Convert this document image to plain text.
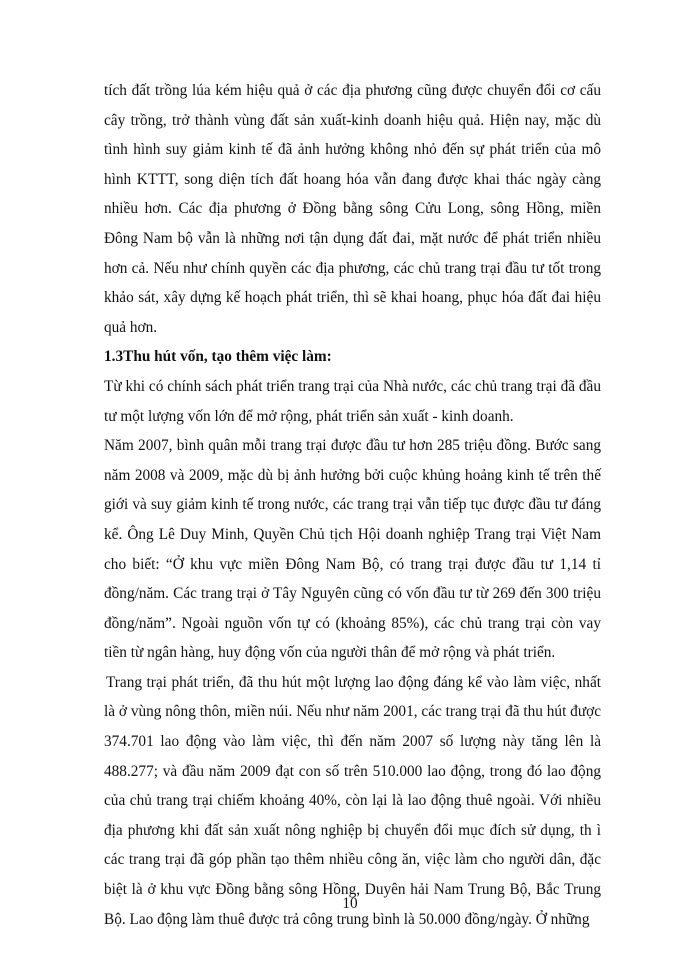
tích đất trồng lúa kém hiệu quả ở các địa phương cũng được chuyển đổi cơ cấu cây trồng, trở thành vùng đất sản xuất-kinh doanh hiệu quả. Hiện nay, mặc dù tình hình suy giảm kinh tế đã ảnh hưởng không nhỏ đến sự phát triển của mô hình KTTT, song diện tích đất hoang hóa vẫn đang được khai thác ngày càng nhiều hơn. Các địa phương ở Đồng bằng sông Cửu Long, sông Hồng, miền Đông Nam bộ vẫn là những nơi tận dụng đất đai, mặt nước để phát triển nhiều hơn cả. Nếu như chính quyền các địa phương, các chủ trang trại đầu tư tốt trong khảo sát, xây dựng kế hoạch phát triển, thì sẽ khai hoang, phục hóa đất đai hiệu quả hơn.

1.3Thu hút vốn, tạo thêm việc làm:

Từ khi có chính sách phát triển trang trại của Nhà nước, các chủ trang trại đã đầu tư một lượng vốn lớn để mở rộng, phát triển sản xuất - kinh doanh.

Năm 2007, bình quân mỗi trang trại được đầu tư hơn 285 triệu đồng. Bước sang năm 2008 và 2009, mặc dù bị ảnh hưởng bởi cuộc khủng hoảng kinh tế trên thế giới và suy giảm kinh tế trong nước, các trang trại vẫn tiếp tục được đầu tư đáng kể. Ông Lê Duy Minh, Quyền Chủ tịch Hội doanh nghiệp Trang trại Việt Nam cho biết: “Ở khu vực miền Đông Nam Bộ, có trang trại được đầu tư 1,14 tỉ đồng/năm. Các trang trại ở Tây Nguyên cũng có vốn đầu tư từ 269 đến 300 triệu đồng/năm”. Ngoài nguồn vốn tự có (khoảng 85%), các chủ trang trại còn vay tiền từ ngân hàng, huy động vốn của người thân để mở rộng và phát triển.

Trang trại phát triển, đã thu hút một lượng lao động đáng kể vào làm việc, nhất là ở vùng nông thôn, miền núi. Nếu như năm 2001, các trang trại đã thu hút được 374.701 lao động vào làm việc, thì đến năm 2007 số lượng này tăng lên là 488.277; và đầu năm 2009 đạt con số trên 510.000 lao động, trong đó lao động của chủ trang trại chiếm khoảng 40%, còn lại là lao động thuê ngoài. Với nhiều địa phương khi đất sản xuất nông nghiệp bị chuyển đổi mục đích sử dụng, th ì các trang trại đã góp phần tạo thêm nhiều công ăn, việc làm cho người dân, đặc biệt là ở khu vực Đồng bằng sông Hồng, Duyên hải Nam Trung Bộ, Bắc Trung Bộ. Lao động làm thuê được trả công trung bình là 50.000 đồng/ngày. Ở những

10
